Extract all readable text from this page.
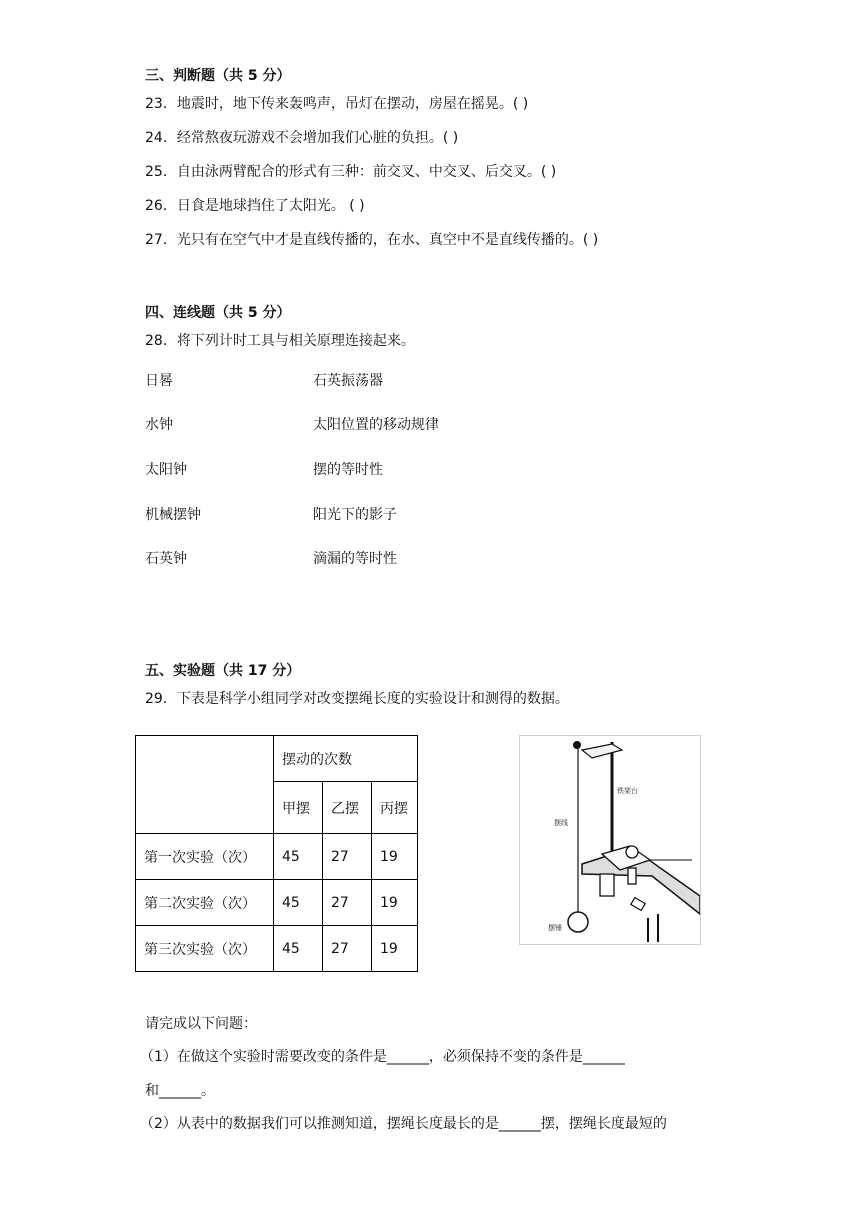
三、判断题（共 5 分）
23．地震时，地下传来轰鸣声，吊灯在摆动，房屋在摇晃。( )
24．经常熬夜玩游戏不会增加我们心脏的负担。( )
25．自由泳两臂配合的形式有三种：前交叉、中交叉、后交叉。( )
26．日食是地球挡住了太阳光。 ( )
27．光只有在空气中才是直线传播的，在水、真空中不是直线传播的。( )
四、连线题（共 5 分）
28．将下列计时工具与相关原理连接起来。
日晷	石英振荡器
水钟	太阳位置的移动规律
太阳钟	摆的等时性
机械摆钟	阳光下的影子
石英钟	滴漏的等时性
五、实验题（共 17 分）
29．下表是科学小组同学对改变摆绳长度的实验设计和测得的数据。
	摆动的次数		
	甲摆	乙摆	丙摆
第一次实验（次）	45	27	19
第二次实验（次）	45	27	19
第三次实验（次）	45	27	19
铁架台
摆线
摆锤
请完成以下问题：
（1）在做这个实验时需要改变的条件是______，必须保持不变的条件是______
和______。
（2）从表中的数据我们可以推测知道，摆绳长度最长的是______摆，摆绳长度最短的
